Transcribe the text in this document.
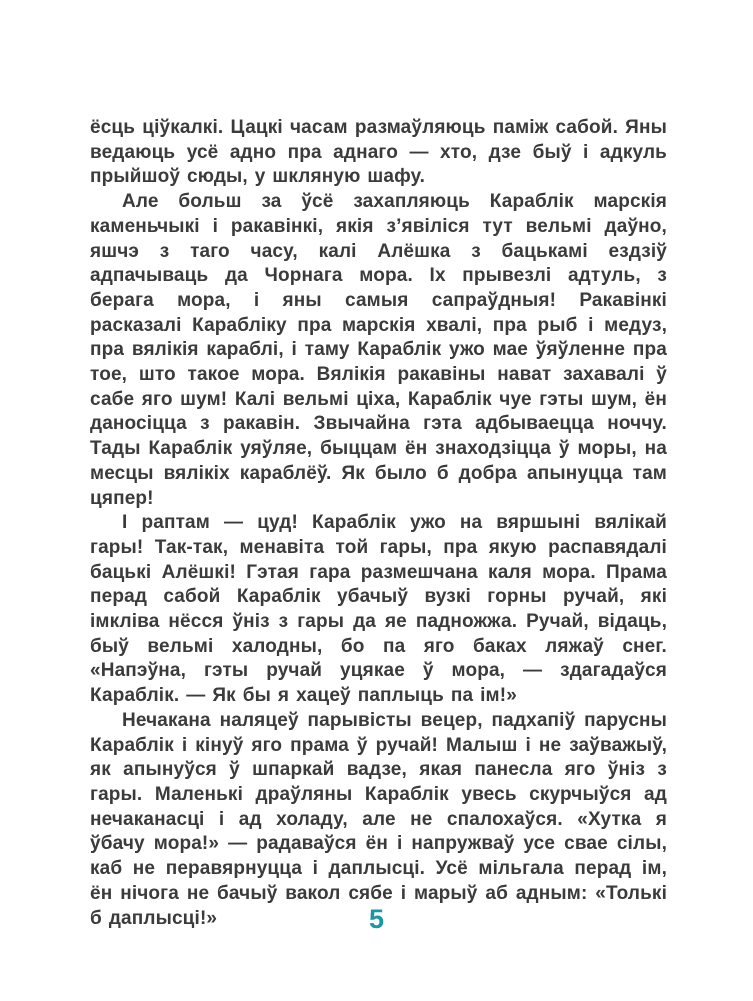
ёсць ціўкалкі. Цацкі часам размаўляюць паміж сабой. Яны ведаюць усё адно пра аднаго — хто, дзе быў і адкуль прыйшоў сюды, у шкляную шафу.

Але больш за ўсё захапляюць Караблік марскія каменьчыкі і ракавінкі, якія з’явіліся тут вельмі даўно, яшчэ з таго часу, калі Алёшка з бацькамі ездзіў адпачываць да Чорнага мора. Іх прывезлі адтуль, з берага мора, і яны самыя сапраўдныя! Ракавінкі расказалі Карабліку пра марскія хвалі, пра рыб і медуз, пра вялікія караблі, і таму Караблік ужо мае ўяўленне пра тое, што такое мора. Вялікія ракавіны нават захавалі ў сабе яго шум! Калі вельмі ціха, Караблік чуе гэты шум, ён даносіцца з ракавін. Звычайна гэта адбываецца ноччу. Тады Караблік уяўляе, быццам ён знаходзіцца ў моры, на месцы вялікіх караблёў. Як было б добра апынуцца там цяпер!

І раптам — цуд! Караблік ужо на вяршыні вялікай гары! Так-так, менавіта той гары, пра якую распавядалі бацькі Алёшкі! Гэтая гара размешчана каля мора. Прама перад сабой Караблік убачыў вузкі горны ручай, які імкліва нёсся ўніз з гары да яе падножжа. Ручай, відаць, быў вельмі халодны, бо па яго баках ляжаў снег. «Напэўна, гэты ручай уцякае ў мора, — здагадаўся Караблік. — Як бы я хацеў паплыць па ім!»

Нечакана наляцеў парывісты вецер, падхапіў парусны Караблік і кінуў яго прама ў ручай! Малыш і не заўважыў, як апынуўся ў шпаркай вадзе, якая панесла яго ўніз з гары. Маленькі драўляны Караблік увесь скурчыўся ад нечаканасці і ад холаду, але не спалохаўся. «Хутка я ўбачу мора!» — радаваўся ён і напружваў усе свае сілы, каб не перавярнуцца і даплысці. Усё мільгала перад ім, ён нічога не бачыў вакол сябе і марыў аб адным: «Толькі б даплысці!»	5
